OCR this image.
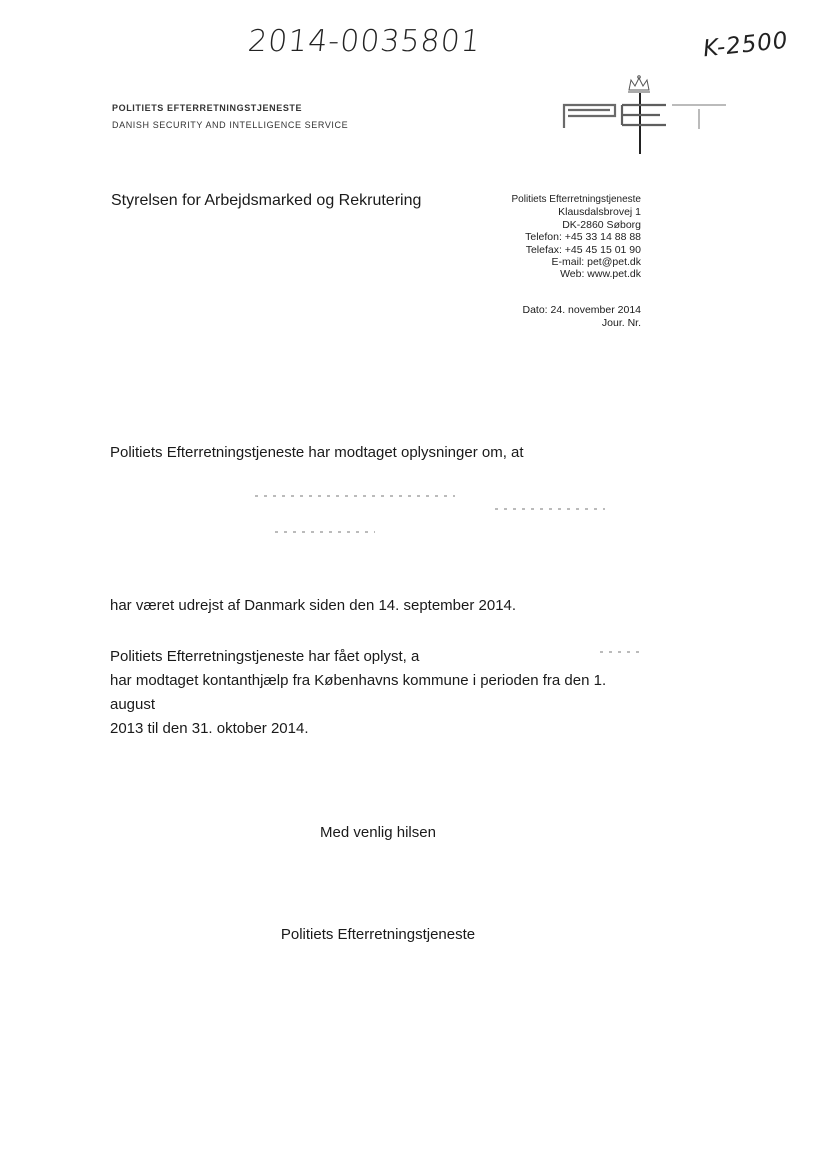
2014-0035801	K-2500
POLITIETS EFTERRETNINGSTJENESTE
DANISH SECURITY AND INTELLIGENCE SERVICE
PET
Styrelsen for Arbejdsmarked og Rekrutering	Politiets Efterretningstjeneste
Klausdalsbrovej 1
DK-2860 Søborg
Telefon: +45 33 14 88 88
Telefax: +45 45 15 01 90
E-mail: pet@pet.dk
Web: www.pet.dk
Dato: 24. november 2014
Jour. Nr.
Politiets Efterretningstjeneste har modtaget oplysninger om, at
har været udrejst af Danmark siden den 14. september 2014.
Politiets Efterretningstjeneste har fået oplyst, a
har modtaget kontanthjælp fra Københavns kommune i perioden fra den 1. august
2013 til den 31. oktober 2014.
Med venlig hilsen
Politiets Efterretningstjeneste
